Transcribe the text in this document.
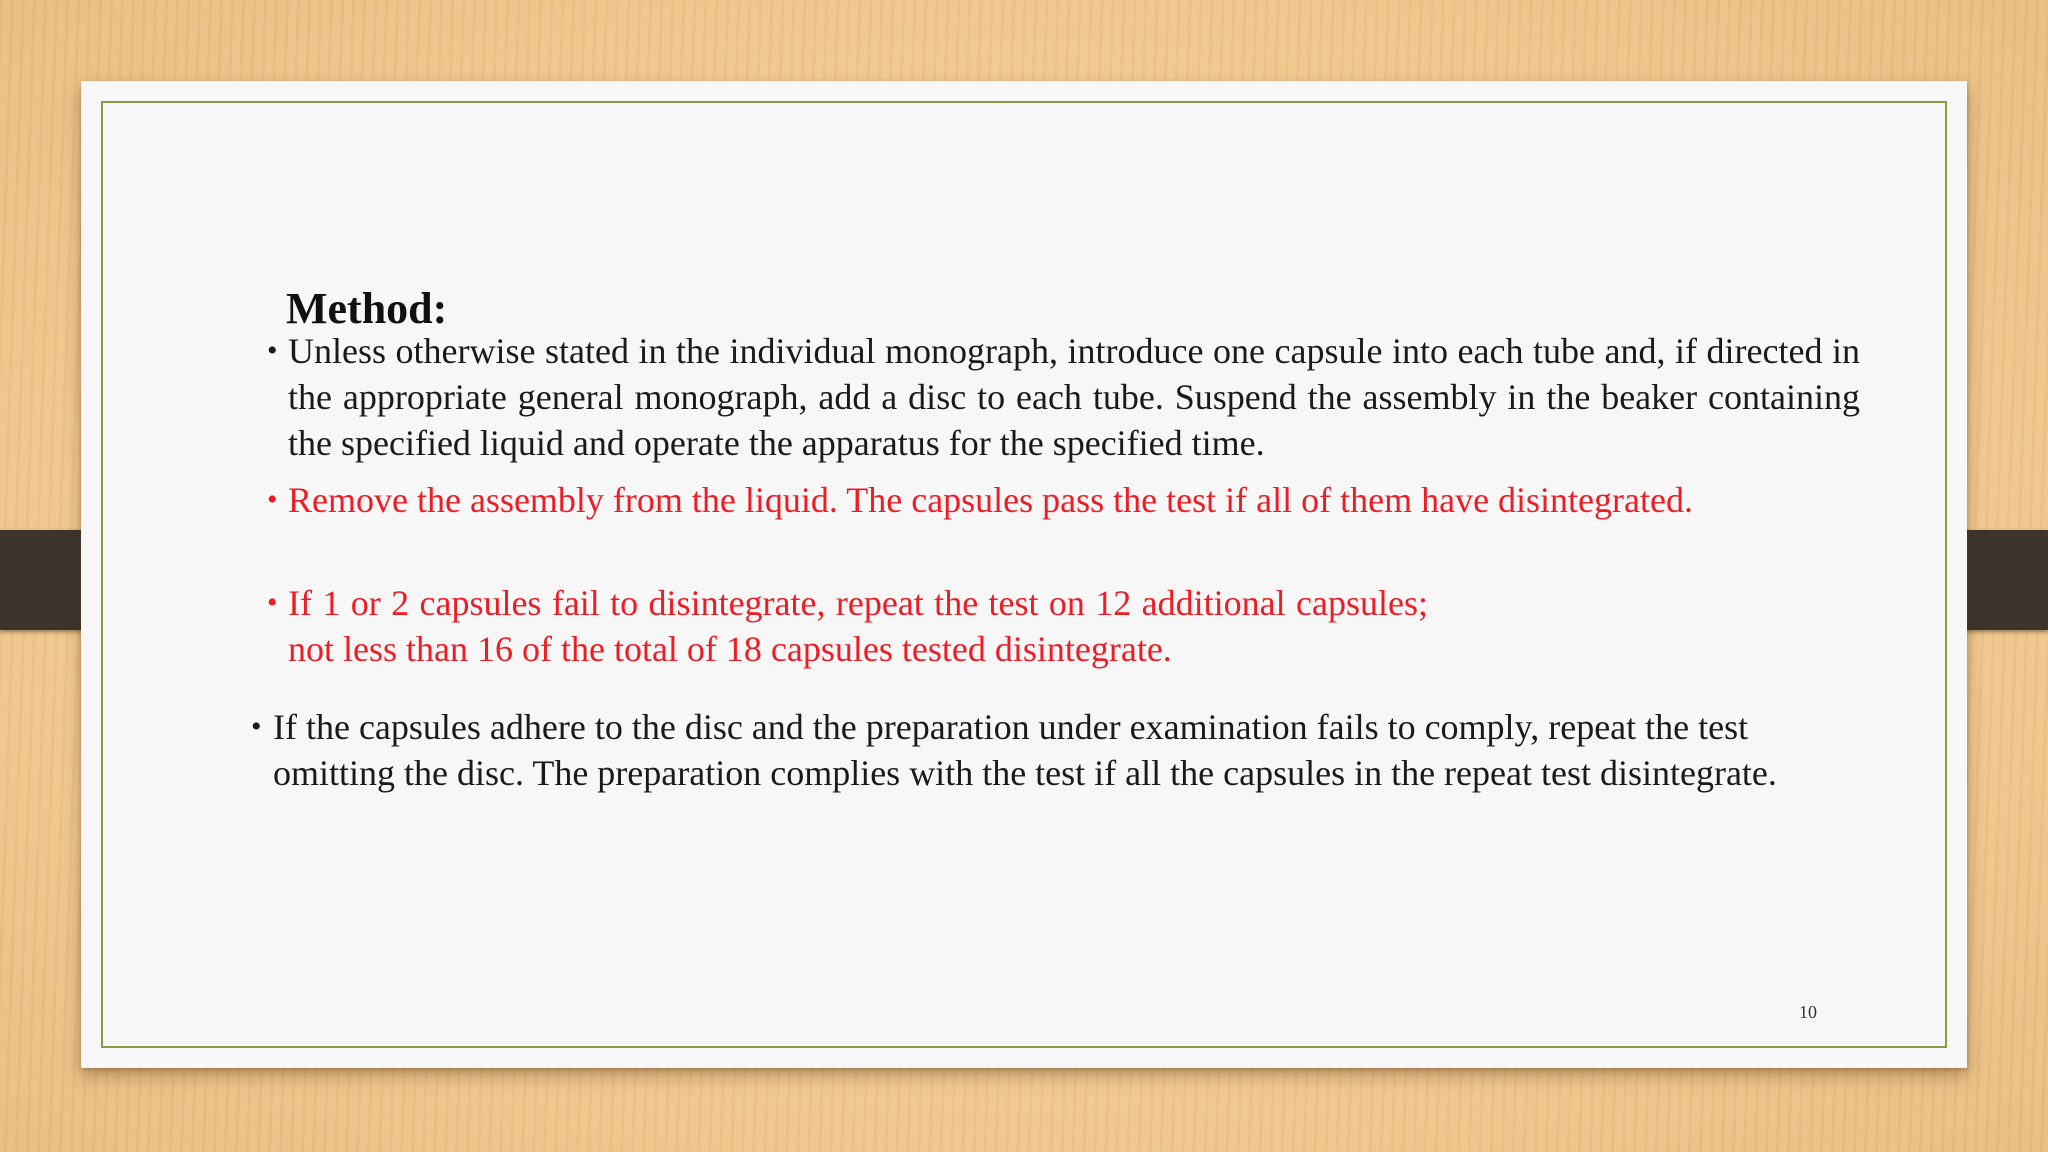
Method:
• Unless otherwise stated in the individual monograph, introduce one capsule into each tube and, if directed in the appropriate general monograph, add a disc to each tube. Suspend the assembly in the beaker containing the specified liquid and operate the apparatus for the specified time.
• Remove the assembly from the liquid. The capsules pass the test if all of them have disintegrated.
• If 1 or 2 capsules fail to disintegrate, repeat the test on 12 additional capsules; not less than 16 of the total of 18 capsules tested disintegrate.
• If the capsules adhere to the disc and the preparation under examination fails to comply, repeat the test omitting the disc. The preparation complies with the test if all the capsules in the repeat test disintegrate.
10
